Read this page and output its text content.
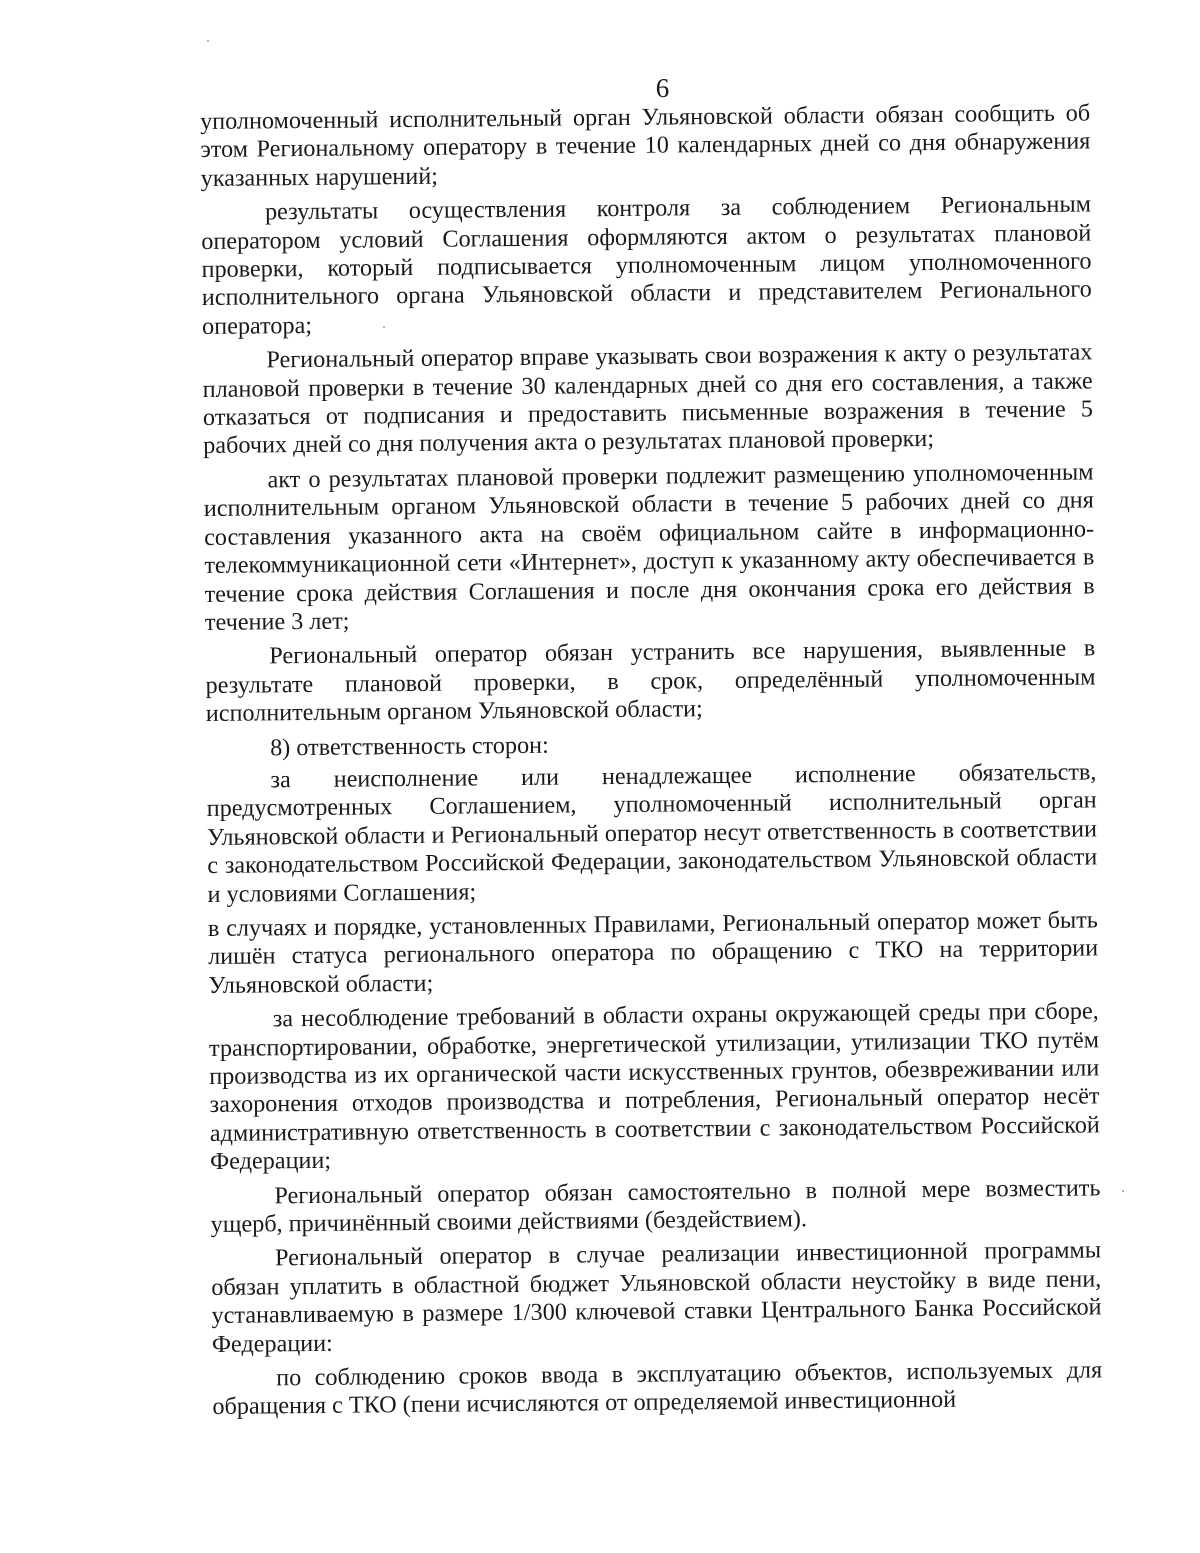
6

уполномоченный исполнительный орган Ульяновской области обязан сообщить об этом Региональному оператору в течение 10 календарных дней со дня обнаружения указанных нарушений;

результаты осуществления контроля за соблюдением Региональным оператором условий Соглашения оформляются актом о результатах плановой проверки, который подписывается уполномоченным лицом уполномоченного исполнительного органа Ульяновской области и представителем Регионального оператора;

Региональный оператор вправе указывать свои возражения к акту о результатах плановой проверки в течение 30 календарных дней со дня его составления, а также отказаться от подписания и предоставить письменные возражения в течение 5 рабочих дней со дня получения акта о результатах плановой проверки;

акт о результатах плановой проверки подлежит размещению уполномоченным исполнительным органом Ульяновской области в течение 5 рабочих дней со дня составления указанного акта на своём официальном сайте в информационно-телекоммуникационной сети «Интернет», доступ к указанному акту обеспечивается в течение срока действия Соглашения и после дня окончания срока его действия в течение 3 лет;

Региональный оператор обязан устранить все нарушения, выявленные в результате плановой проверки, в срок, определённый уполномоченным исполнительным органом Ульяновской области;

8) ответственность сторон:

за неисполнение или ненадлежащее исполнение обязательств, предусмотренных Соглашением, уполномоченный исполнительный орган Ульяновской области и Региональный оператор несут ответственность в соответствии с законодательством Российской Федерации, законодательством Ульяновской области и условиями Соглашения;

в случаях и порядке, установленных Правилами, Региональный оператор может быть лишён статуса регионального оператора по обращению с ТКО на территории Ульяновской области;

за несоблюдение требований в области охраны окружающей среды при сборе, транспортировании, обработке, энергетической утилизации, утилизации ТКО путём производства из их органической части искусственных грунтов, обезвреживании или захоронения отходов производства и потребления, Региональный оператор несёт административную ответственность в соответствии с законодательством Российской Федерации;

Региональный оператор обязан самостоятельно в полной мере возместить ущерб, причинённый своими действиями (бездействием).

Региональный оператор в случае реализации инвестиционной программы обязан уплатить в областной бюджет Ульяновской области неустойку в виде пени, устанавливаемую в размере 1/300 ключевой ставки Центрального Банка Российской Федерации:

по соблюдению сроков ввода в эксплуатацию объектов, используемых для обращения с ТКО (пени исчисляются от определяемой инвестиционной
